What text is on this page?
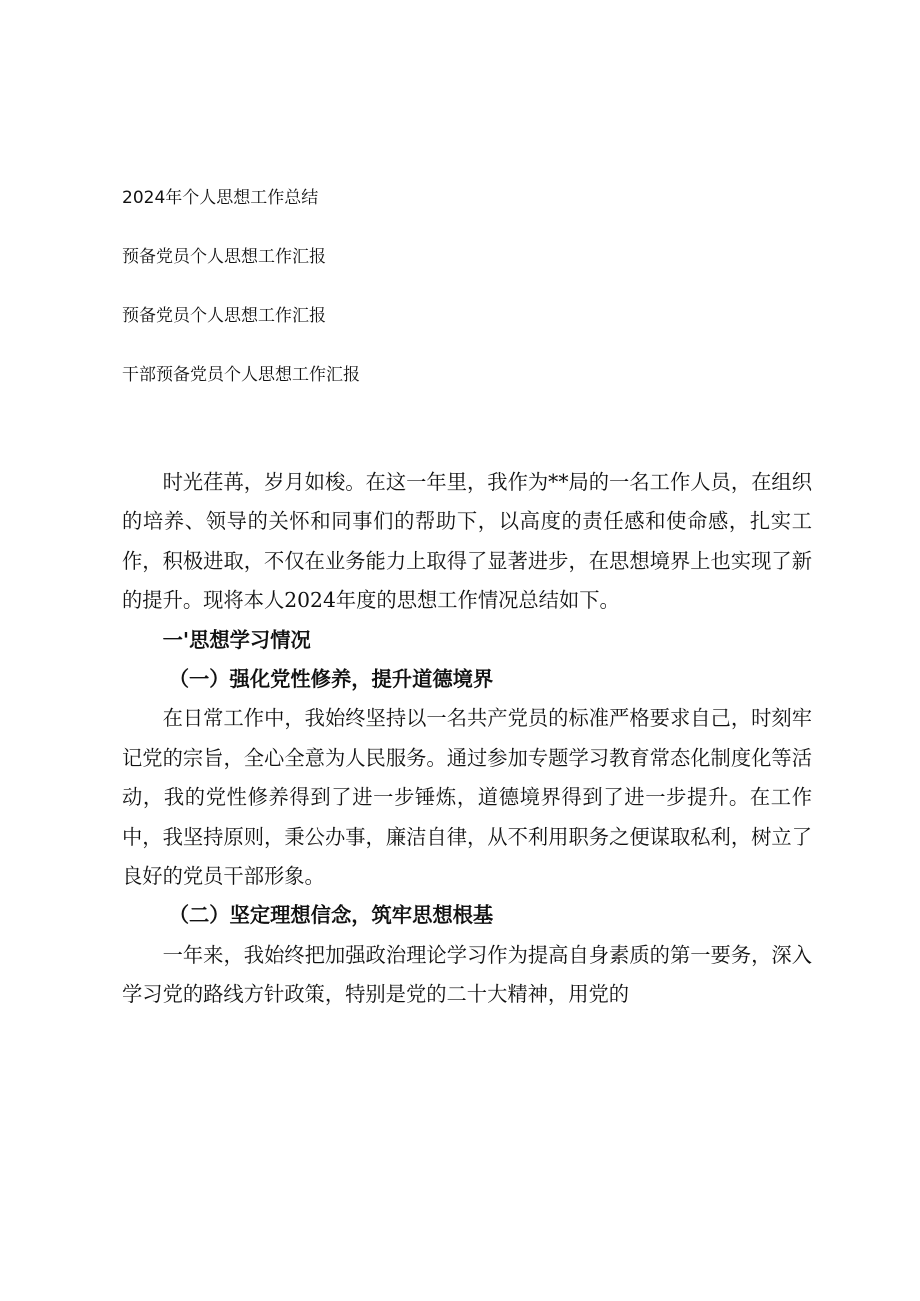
2024年个人思想工作总结
预备党员个人思想工作汇报
预备党员个人思想工作汇报
干部预备党员个人思想工作汇报

时光荏苒，岁月如梭。在这一年里，我作为**局的一名工作人员，在组织的培养、领导的关怀和同事们的帮助下，以高度的责任感和使命感，扎实工作，积极进取，不仅在业务能力上取得了显著进步，在思想境界上也实现了新的提升。现将本人2024年度的思想工作情况总结如下。

一'思想学习情况

（一）强化党性修养，提升道德境界

在日常工作中，我始终坚持以一名共产党员的标准严格要求自己，时刻牢记党的宗旨，全心全意为人民服务。通过参加专题学习教育常态化制度化等活动，我的党性修养得到了进一步锤炼，道德境界得到了进一步提升。在工作中，我坚持原则，秉公办事，廉洁自律，从不利用职务之便谋取私利，树立了良好的党员干部形象。

（二）坚定理想信念，筑牢思想根基

一年来，我始终把加强政治理论学习作为提高自身素质的第一要务，深入学习党的路线方针政策，特别是党的二十大精神，用党的
